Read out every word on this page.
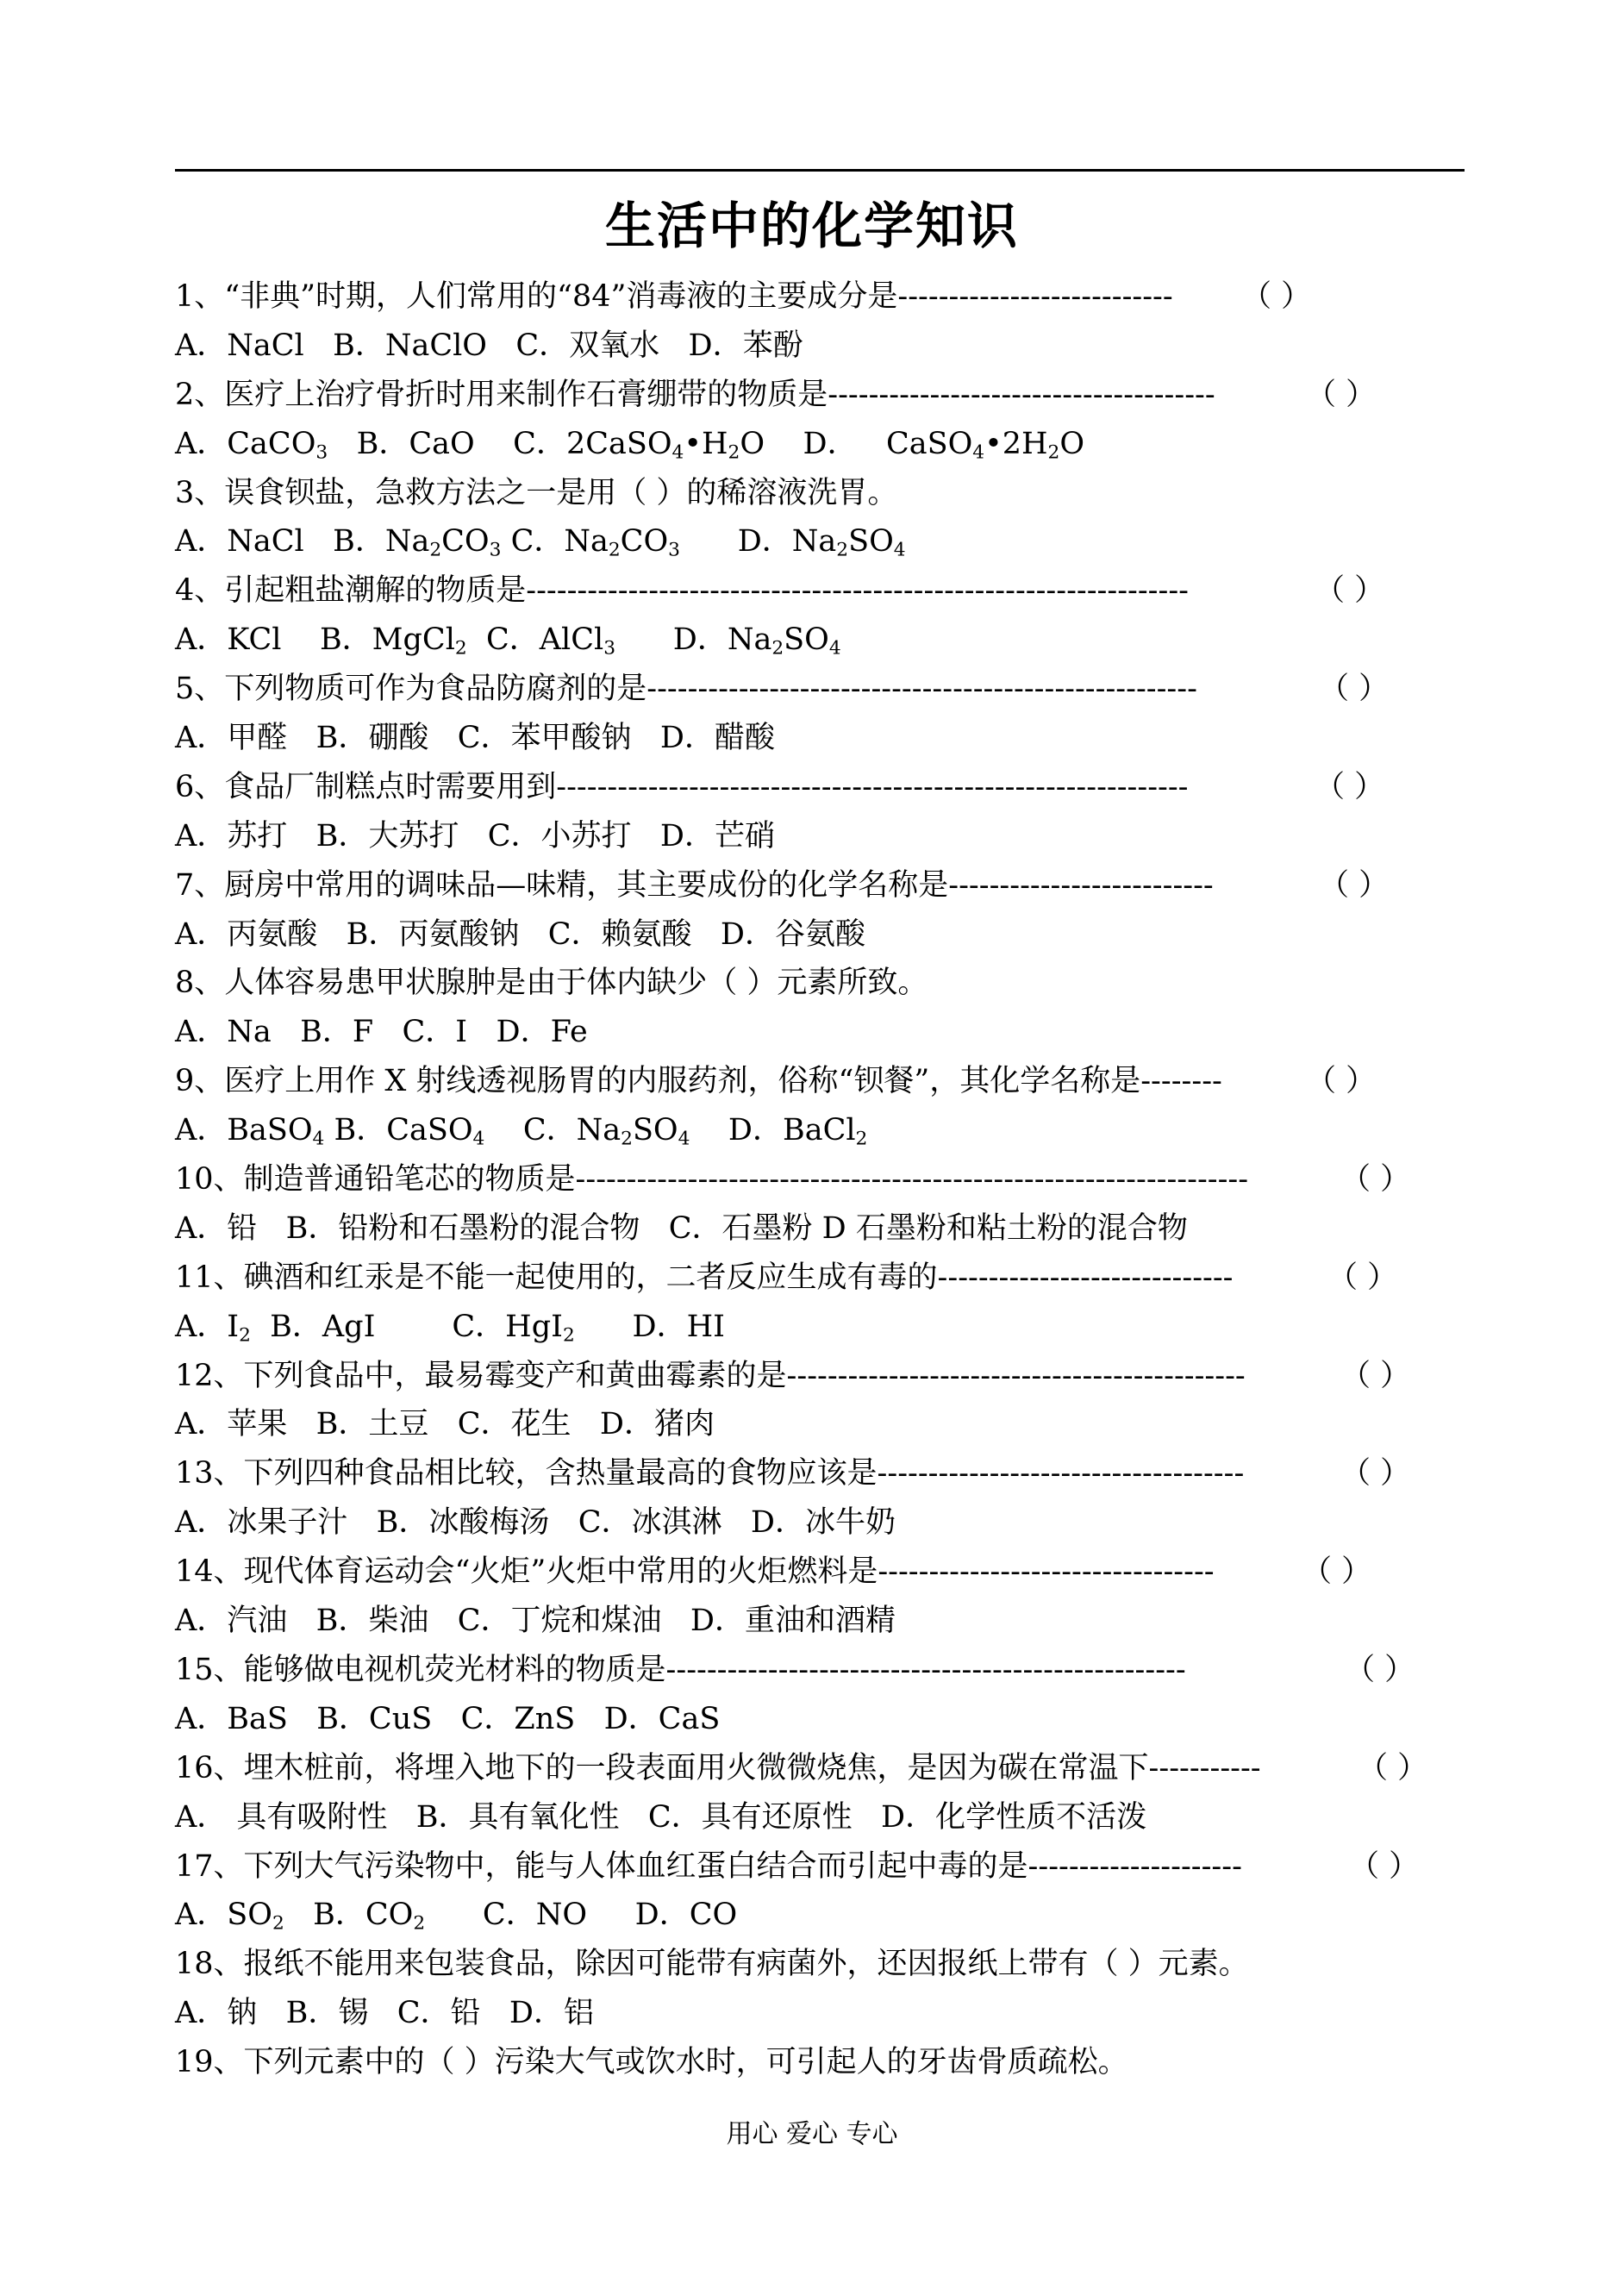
生活中的化学知识
1、“非典”时期，人们常用的“84”消毒液的主要成分是 --------------------------- （ ）
A．NaCl   B．NaClO   C．双氧水   D．苯酚
2、医疗上治疗骨折时用来制作石膏绷带的物质是 --------------------------------------	（ ）
A．CaCO$_3$   B．CaO    C．$2CaSO_4•H_2O$    D．   $CaSO_4•2H_2O$
3、误食钡盐，急救方法之一是用（ ）的稀溶液洗胃。
A．NaCl   B．$Na_2CO_3$ C．$Na_2CO_3$      D．$Na_2SO_4$
4、引起粗盐潮解的物质是 -----------------------------------------------------------------	（ ）
A．KCl    B．MgCl$_2$  C．AlCl$_3$      D．$Na_2SO_4$
5、下列物质可作为食品防腐剂的是 ------------------------------------------------------	（ ）
A．甲醛   B．硼酸   C．苯甲酸钠   D．醋酸
6、食品厂制糕点时需要用到 --------------------------------------------------------------	（ ）
A．苏打   B．大苏打   C．小苏打   D．芒硝
7、厨房中常用的调味品—味精，其主要成份的化学名称是 --------------------------	（ ）
A．丙氨酸   B．丙氨酸钠   C．赖氨酸   D．谷氨酸
8、人体容易患甲状腺肿是由于体内缺少（ ）元素所致。
A．Na   B．F   C．I   D．Fe
9、医疗上用作 X 射线透视肠胃的内服药剂，俗称“钡餐”，其化学名称是 --------	（ ）
A．BaSO$_4$ B．CaSO$_4$    C．$Na_2SO_4$    D．BaCl$_2$
10、制造普通铅笔芯的物质是 ------------------------------------------------------------------	（ ）
A．铅   B．铅粉和石墨粉的混合物   C．石墨粉 D 石墨粉和粘土粉的混合物
11、碘酒和红汞是不能一起使用的，二者反应生成有毒的 -----------------------------	（ ）
A．$I_2$  B．AgI        C．HgI$_2$      D．HI
12、下列食品中，最易霉变产和黄曲霉素的是 ---------------------------------------------	（ ）
A．苹果   B．土豆   C．花生   D．猪肉
13、下列四种食品相比较，含热量最高的食物应该是 ------------------------------------	（ ）
A．冰果子汁   B．冰酸梅汤   C．冰淇淋   D．冰牛奶
14、现代体育运动会“火炬”火炬中常用的火炬燃料是 ---------------------------------	（ ）
A．汽油   B．柴油   C．丁烷和煤油   D．重油和酒精
15、能够做电视机荧光材料的物质是 ---------------------------------------------------	（ ）
A．BaS   B．CuS   C．ZnS   D．CaS
16、埋木桩前，将埋入地下的一段表面用火微微烧焦，是因为碳在常温下 -----------	（ ）
A． 具有吸附性   B．具有氧化性   C．具有还原性   D．化学性质不活泼
17、下列大气污染物中，能与人体血红蛋白结合而引起中毒的是 ---------------------	（ ）
A．$SO_2$   B．$CO_2$      C．NO     D．CO
18、报纸不能用来包装食品，除因可能带有病菌外，还因报纸上带有（ ）元素。
A．钠   B．锡   C．铅   D．铝
19、下列元素中的（ ）污染大气或饮水时，可引起人的牙齿骨质疏松。
用心 爱心 专心
